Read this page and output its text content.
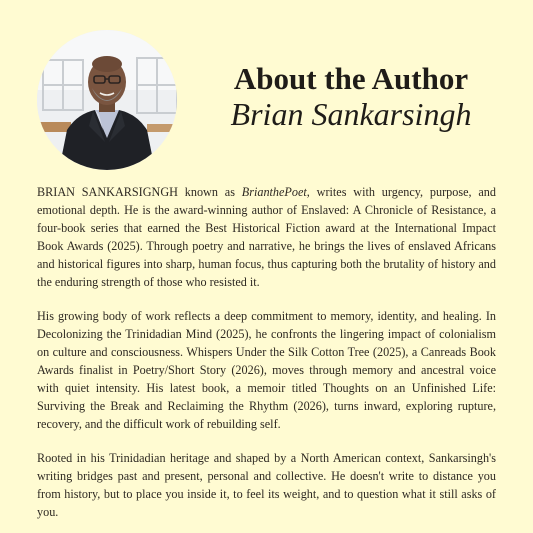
About the Author
Brian Sankarsingh

BRIAN SANKARSIGNGH known as BrianthePoet, writes with urgency, purpose, and emotional depth. He is the award-winning author of Enslaved: A Chronicle of Resistance, a four-book series that earned the Best Historical Fiction award at the International Impact Book Awards (2025). Through poetry and narrative, he brings the lives of enslaved Africans and historical figures into sharp, human focus, thus capturing both the brutality of history and the enduring strength of those who resisted it.

His growing body of work reflects a deep commitment to memory, identity, and healing. In Decolonizing the Trinidadian Mind (2025), he confronts the lingering impact of colonialism on culture and consciousness. Whispers Under the Silk Cotton Tree (2025), a Canreads Book Awards finalist in Poetry/Short Story (2026), moves through memory and ancestral voice with quiet intensity. His latest book, a memoir titled Thoughts on an Unfinished Life: Surviving the Break and Reclaiming the Rhythm (2026), turns inward, exploring rupture, recovery, and the difficult work of rebuilding self.

Rooted in his Trinidadian heritage and shaped by a North American context, Sankarsingh's writing bridges past and present, personal and collective. He doesn't write to distance you from history, but to place you inside it, to feel its weight, and to question what it still asks of you.
